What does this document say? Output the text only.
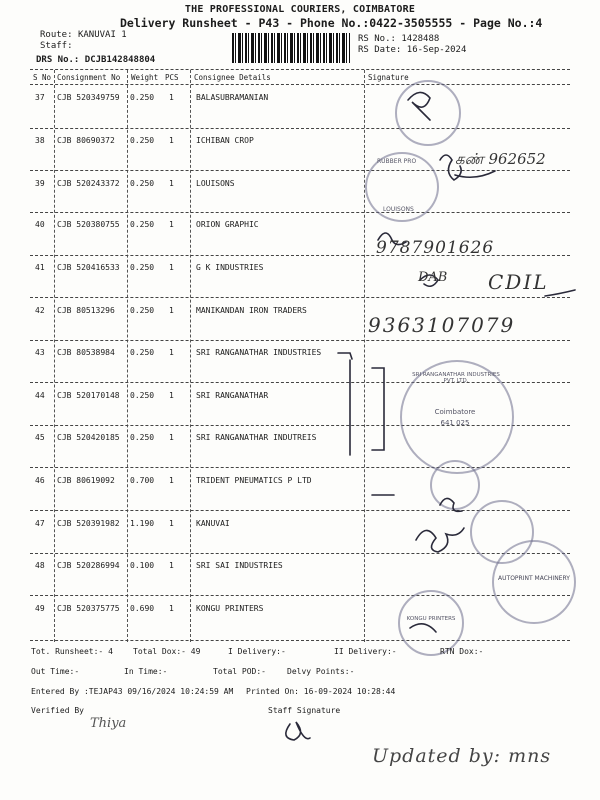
THE PROFESSIONAL COURIERS, COIMBATORE
Delivery Runsheet - P43 - Phone No.:0422-3505555 - Page No.:4
Route: KANUVAI 1
Staff:
DRS No.: DCJB142848804
RS No.: 1428488
RS Date: 16-Sep-2024
S No Consignment No Weight PCS Consignee Details	Signature
37 CJB 520349759 0.250 1	BALASUBRAMANIAN
38 CJB 80690372 0.250 1	ICHIBAN CROP
39 CJB 520243372 0.250 1	LOUISONS
40 CJB 520380755 0.250 1	ORION GRAPHIC
41 CJB 520416533 0.250 1	G K INDUSTRIES
42 CJB 80513296 0.250 1	MANIKANDAN IRON TRADERS
43 CJB 80538984 0.250 1	SRI RANGANATHAR INDUSTRIES
44 CJB 520170148 0.250 1	SRI RANGANATHAR
45 CJB 520420185 0.250 1	SRI RANGANATHAR INDUTREIS
46 CJB 80619092 0.700 1	TRIDENT PNEUMATICS P LTD
47 CJB 520391982 1.190 1	KANUVAI
48 CJB 520286994 0.100 1	SRI SAI INDUSTRIES
49 CJB 520375775 0.690 1	KONGU PRINTERS
RUBBER PRO
LOUISONS
SRI RANGANATHAR INDUSTRIES PVT. LTD.
Coimbatore
641 025
AUTOPRINT MACHINERY
KONGU PRINTERS
கண் 962652
9787901626
DAB CDIL
9363107079
Tot. Runsheet:- 4	Total Dox:- 49	I Delivery:-	II Delivery:-	RTN Dox:-
Out Time:-	In Time:-	Total POD:-	Delvy Points:-
Entered By :TEJAP43 09/16/2024 10:24:59 AM Printed On: 16-09-2024 10:28:44
Verified By	Staff Signature
Thiya
Updated by: mns
